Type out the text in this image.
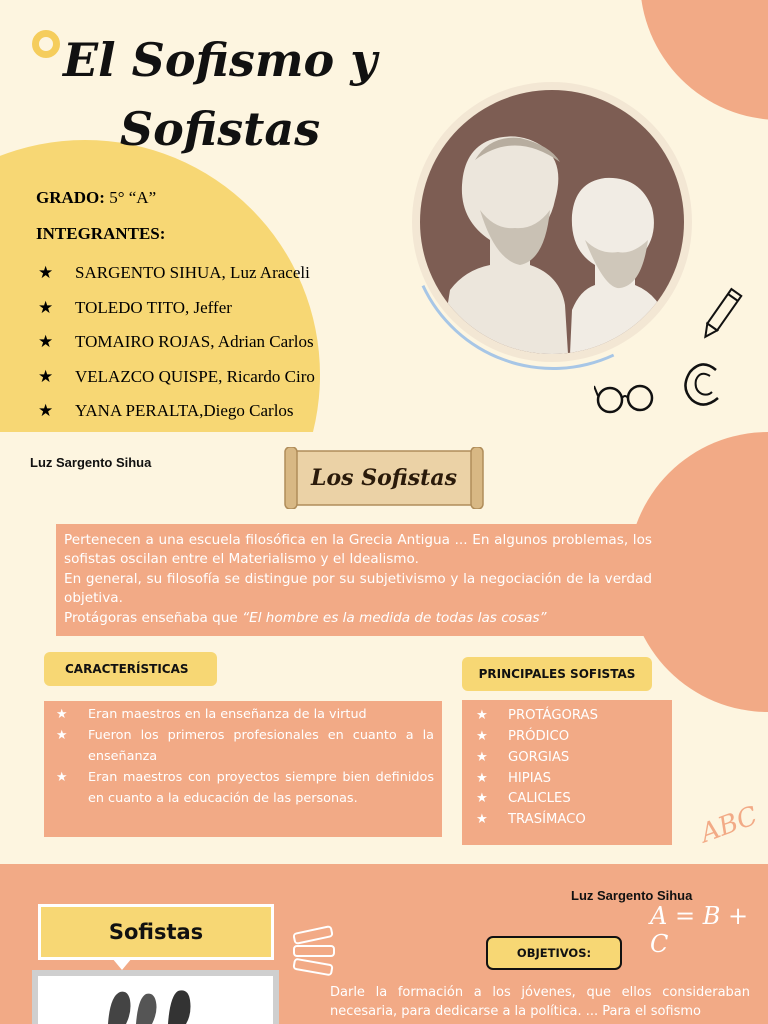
El Sofismo y Sofistas
GRADO: 5° “A”
INTEGRANTES:
★	SARGENTO SIHUA, Luz Araceli
★	TOLEDO TITO, Jeffer
★	TOMAIRO ROJAS, Adrian Carlos
★	VELAZCO QUISPE, Ricardo Ciro
★	YANA PERALTA,Diego Carlos
Luz Sargento Sihua
Los Sofistas

Pertenecen a una escuela filosófica en la Grecia Antigua ... En algunos problemas, los sofistas oscilan entre el Materialismo y el Idealismo.

En general, su filosofía se distingue por su subjetivismo y la negociación de la verdad objetiva.

Protágoras enseñaba que “El hombre es la medida de todas las cosas”

CARACTERÍSTICAS	PRINCIPALES SOFISTAS
★	Eran maestros en la enseñanza de la virtud
★	Fueron los primeros profesionales en cuanto a la enseñanza
★	Eran maestros con proyectos siempre bien definidos en cuanto a la educación de las personas.
★ PROTÁGORAS
★ PRÓDICO
★ GORGIAS
★ HIPIAS
★ CALICLES
★ TRASÍMACO	ABC
Luz Sargento Sihua
A = B + C
Sofistas
OBJETIVOS:
Darle la formación a los jóvenes, que ellos consideraban necesaria, para dedicarse a la política. ... Para el sofismo
